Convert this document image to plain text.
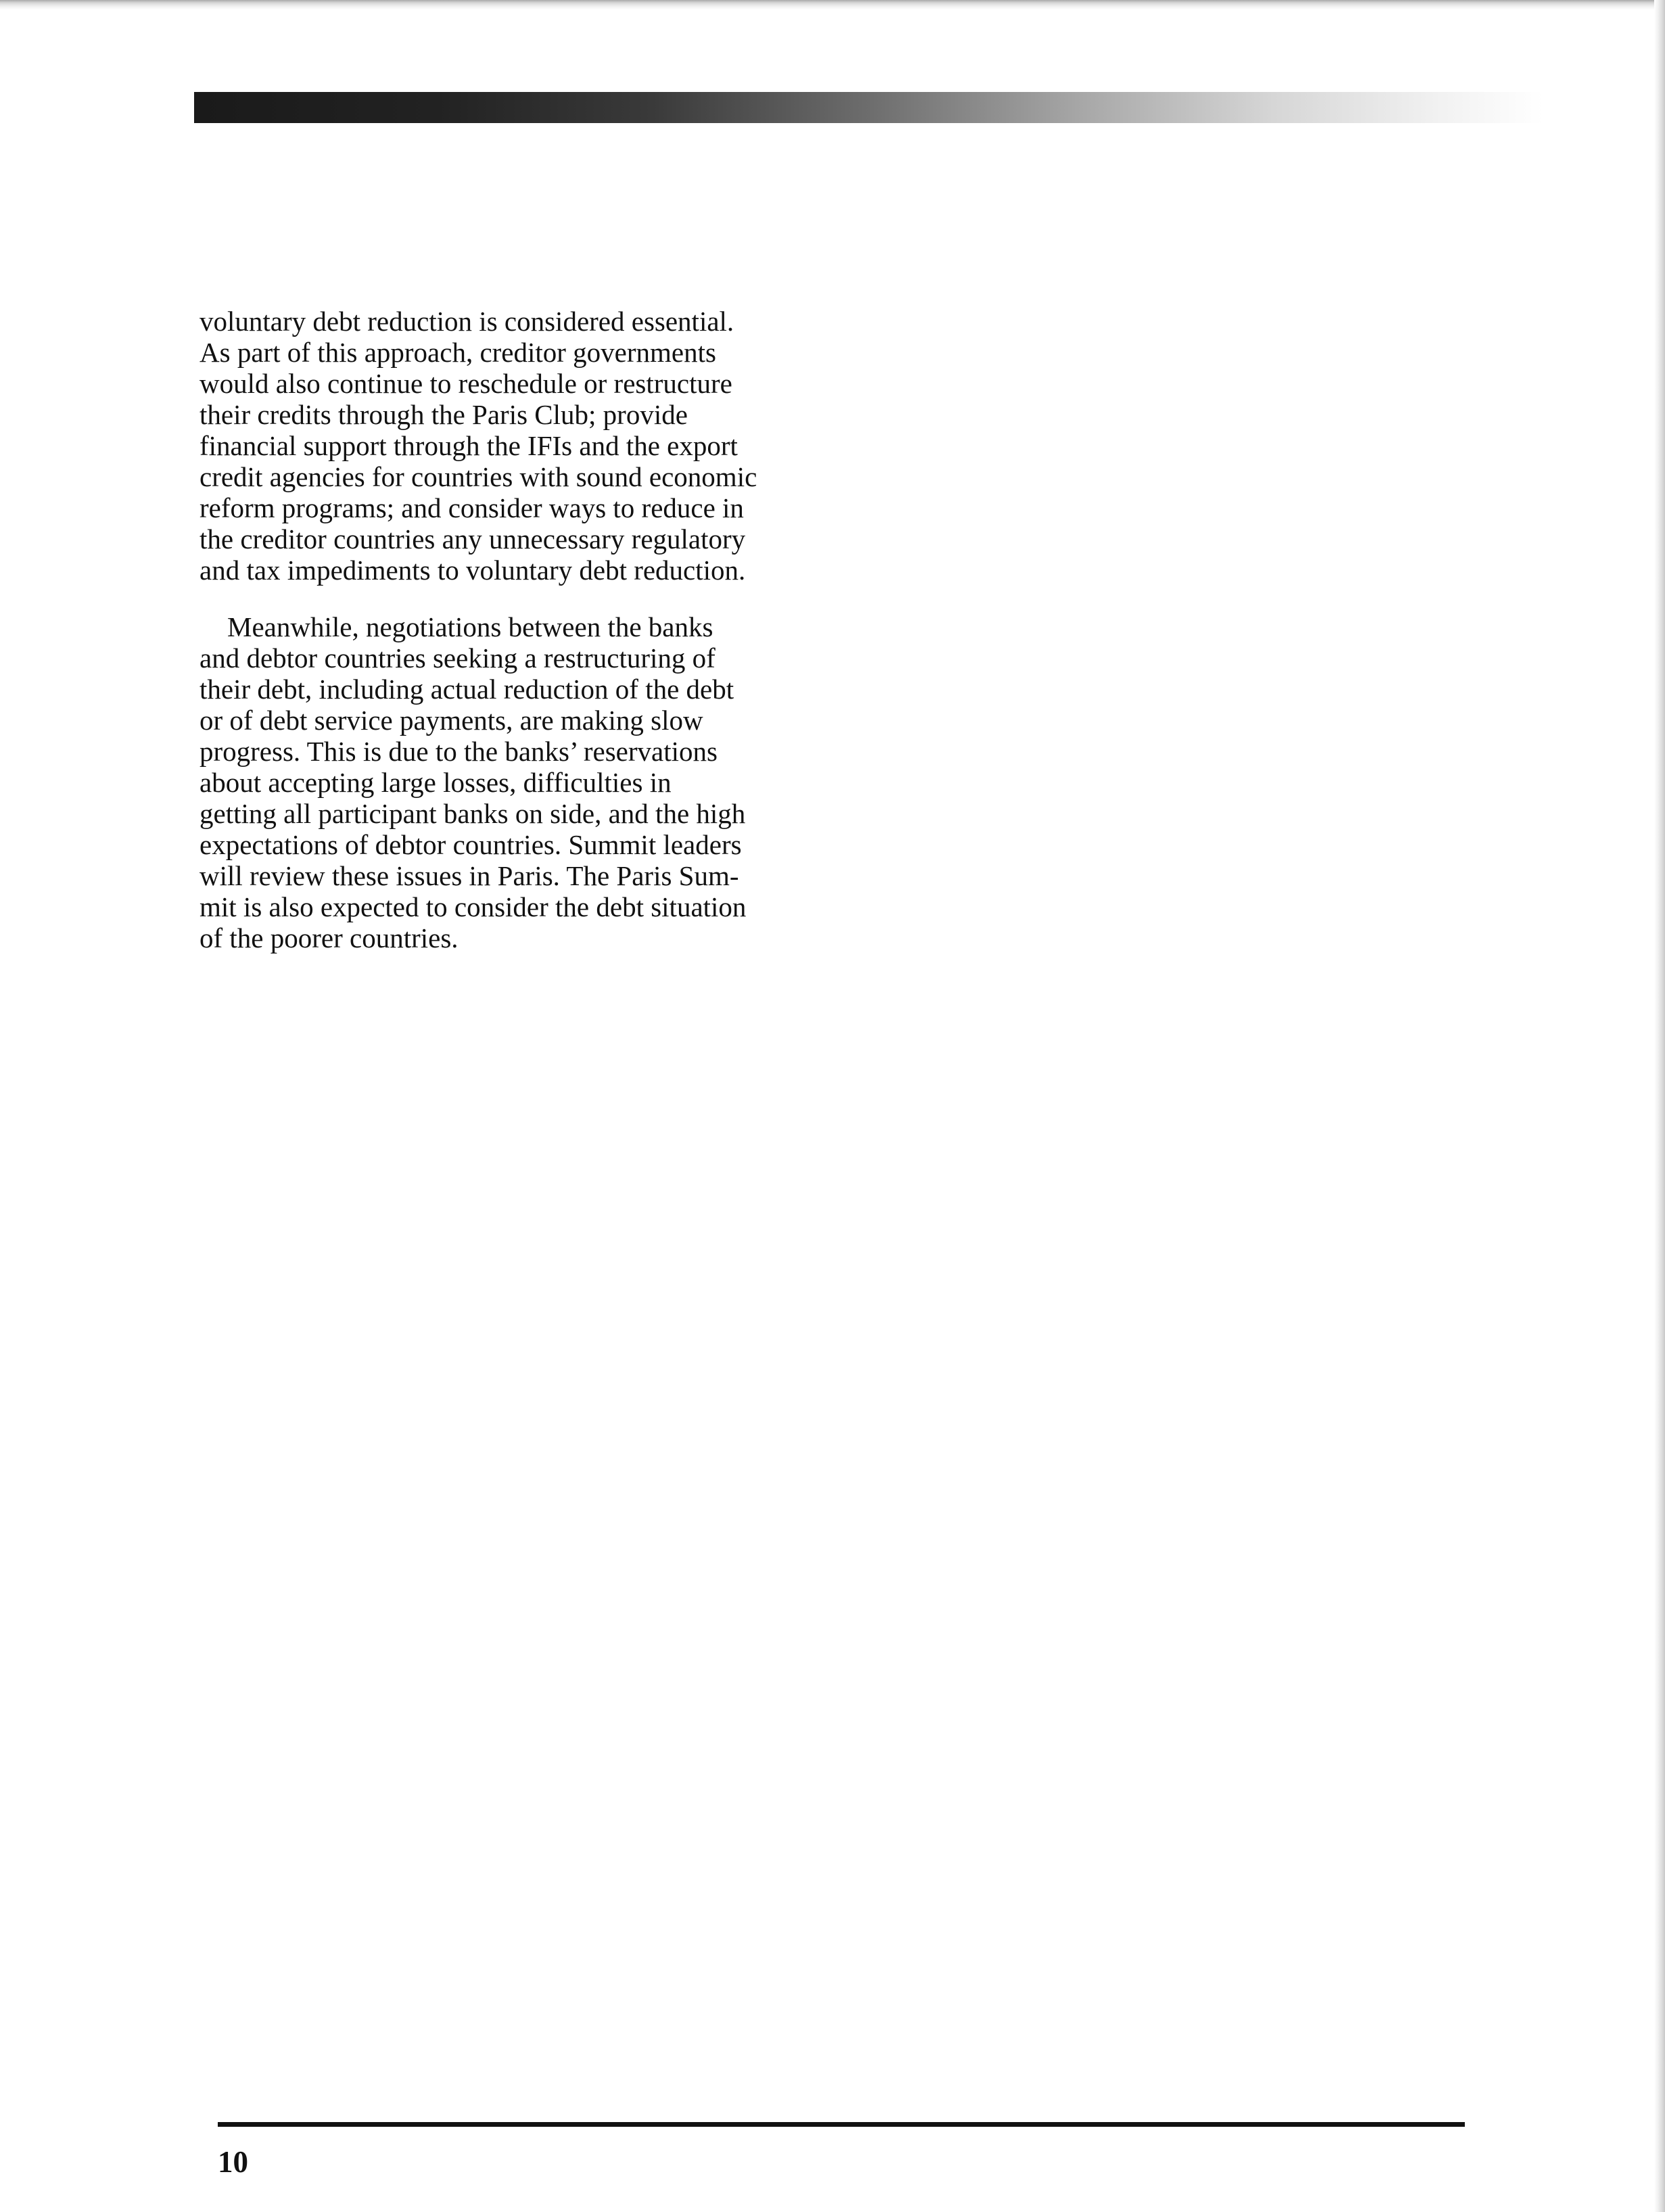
voluntary debt reduction is considered essential.
As part of this approach, creditor governments
would also continue to reschedule or restructure
their credits through the Paris Club; provide
financial support through the IFIs and the export
credit agencies for countries with sound economic
reform programs; and consider ways to reduce in
the creditor countries any unnecessary regulatory
and tax impediments to voluntary debt reduction.

 Meanwhile, negotiations between the banks
and debtor countries seeking a restructuring of
their debt, including actual reduction of the debt
or of debt service payments, are making slow
progress. This is due to the banks’ reservations
about accepting large losses, difficulties in
getting all participant banks on side, and the high
expectations of debtor countries. Summit leaders
will review these issues in Paris. The Paris Sum-
mit is also expected to consider the debt situation
of the poorer countries.

10
